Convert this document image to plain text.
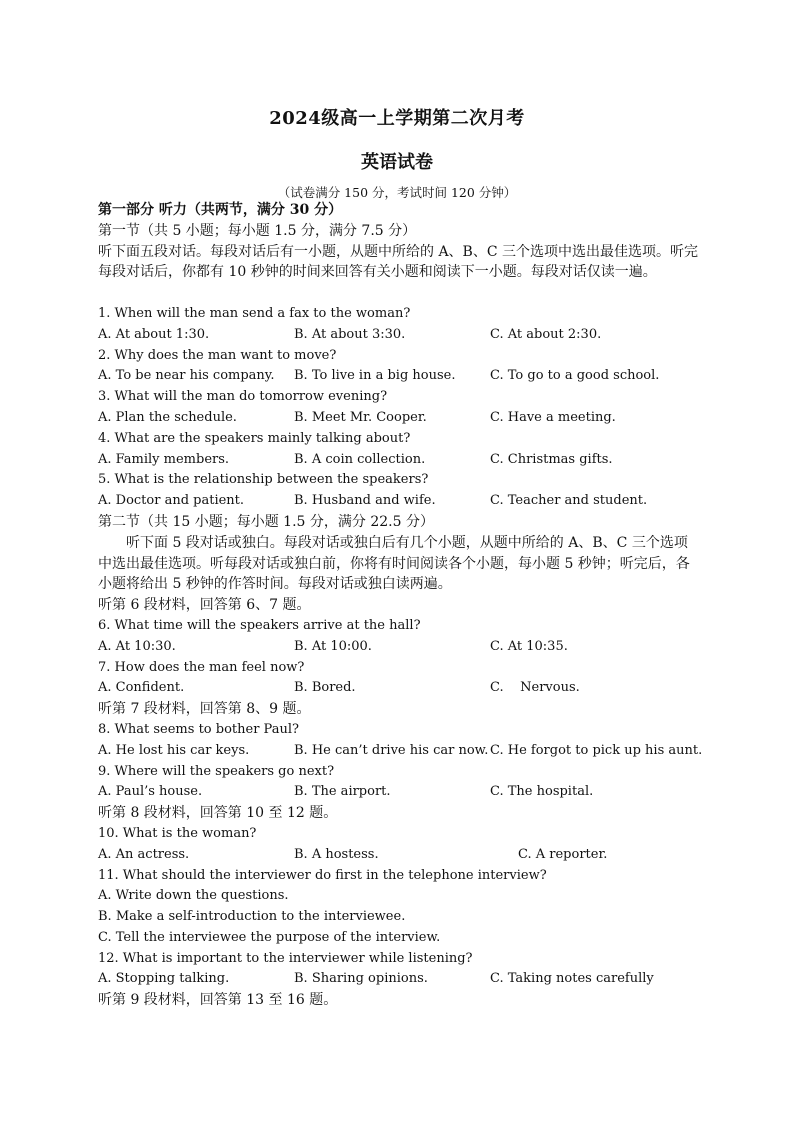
2024级高一上学期第二次月考
英语试卷
（试卷满分 150 分，考试时间 120 分钟）
第一部分 听力（共两节，满分 30 分）
第一节（共 5 小题；每小题 1.5 分，满分 7.5 分）
听下面五段对话。每段对话后有一小题，从题中所给的 A、B、C 三个选项中选出最佳选项。听完每段对话后，你都有 10 秒钟的时间来回答有关小题和阅读下一小题。每段对话仅读一遍。
1. When will the man send a fax to the woman?
A. At about 1:30.	B. At about 3:30.	C. At about 2:30.
2. Why does the man want to move?
A. To be near his company. B. To live in a big house.	C. To go to a good school.
3. What will the man do tomorrow evening?
A. Plan the schedule.	B. Meet Mr. Cooper.	C. Have a meeting.
4. What are the speakers mainly talking about?
A. Family members.	B. A coin collection.	C. Christmas gifts.
5. What is the relationship between the speakers?
A. Doctor and patient.	B. Husband and wife.	C. Teacher and student.
第二节（共 15 小题；每小题 1.5 分，满分 22.5 分）
听下面 5 段对话或独白。每段对话或独白后有几个小题，从题中所给的 A、B、C 三个选项中选出最佳选项。听每段对话或独白前，你将有时间阅读各个小题，每小题 5 秒钟；听完后，各小题将给出 5 秒钟的作答时间。每段对话或独白读两遍。
听第 6 段材料，回答第 6、7 题。
6. What time will the speakers arrive at the hall?
A. At 10:30.	B. At 10:00.	C. At 10:35.
7. How does the man feel now?
A. Confident.	B. Bored.	C.    Nervous.
听第 7 段材料，回答第 8、9 题。
8. What seems to bother Paul?
A. He lost his car keys.	B. He can’t drive his car now. C. He forgot to pick up his aunt.
9. Where will the speakers go next?
A. Paul’s house.	B. The airport.	C. The hospital.
听第 8 段材料，回答第 10 至 12 题。
10. What is the woman?
A. An actress.	B. A hostess.	C. A reporter.
11. What should the interviewer do first in the telephone interview?
A. Write down the questions.
B. Make a self-introduction to the interviewee.
C. Tell the interviewee the purpose of the interview.
12. What is important to the interviewer while listening?
A. Stopping talking.	B. Sharing opinions.	C. Taking notes carefully
听第 9 段材料，回答第 13 至 16 题。
